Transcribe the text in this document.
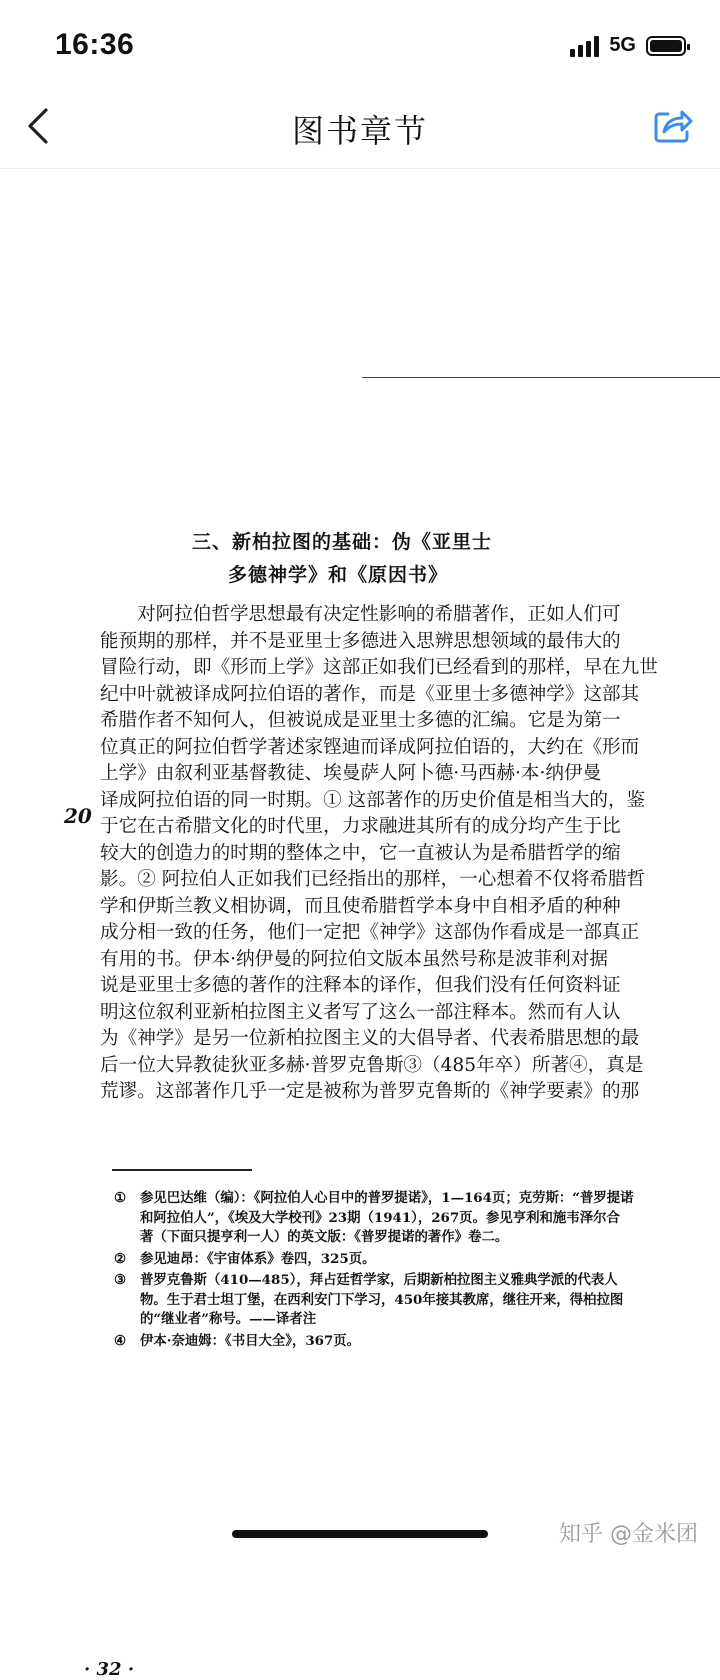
16:36	5G
图书章节
三、新柏拉图的基础：伪《亚里士
多德神学》和《原因书》

对阿拉伯哲学思想最有决定性影响的希腊著作，正如人们可

能预期的那样，并不是亚里士多德进入思辨思想领域的最伟大的

冒险行动，即《形而上学》这部正如我们已经看到的那样，早在九世

纪中叶就被译成阿拉伯语的著作，而是《亚里士多德神学》这部其

希腊作者不知何人，但被说成是亚里士多德的汇编。它是为第一

位真正的阿拉伯哲学著述家铿迪而译成阿拉伯语的，大约在《形而

上学》由叙利亚基督教徒、埃曼萨人阿卜德·马西赫·本·纳伊曼

译成阿拉伯语的同一时期。① 这部著作的历史价值是相当大的，鉴

于它在古希腊文化的时代里，力求融进其所有的成分均产生于比

较大的创造力的时期的整体之中，它一直被认为是希腊哲学的缩

影。② 阿拉伯人正如我们已经指出的那样，一心想着不仅将希腊哲

学和伊斯兰教义相协调，而且使希腊哲学本身中自相矛盾的种种

成分相一致的任务，他们一定把《神学》这部伪作看成是一部真正

有用的书。伊本·纳伊曼的阿拉伯文版本虽然号称是波菲利对据

说是亚里士多德的著作的注释本的译作，但我们没有任何资料证

明这位叙利亚新柏拉图主义者写了这么一部注释本。然而有人认

为《神学》是另一位新柏拉图主义的大倡导者、代表希腊思想的最

后一位大异教徒狄亚多赫·普罗克鲁斯③（485年卒）所著④，真是

荒谬。这部著作几乎一定是被称为普罗克鲁斯的《神学要素》的那

20
①	参见巴达维（编）：《阿拉伯人心目中的普罗提诺》，1—164页；克劳斯：“普罗提诺

和阿拉伯人”，《埃及大学校刊》23期（1941），267页。参见亨利和施韦泽尔合

著（下面只提亨利一人）的英文版：《普罗提诺的著作》卷二。

②	参见迪昂：《宇宙体系》卷四，325页。

③	普罗克鲁斯（410—485），拜占廷哲学家，后期新柏拉图主义雅典学派的代表人

物。生于君士坦丁堡，在西利安门下学习，450年接其教席，继往开来，得柏拉图

的“继业者”称号。——译者注

④	伊本·奈迪姆：《书目大全》，367页。

· 32 ·
知乎 @金米团
